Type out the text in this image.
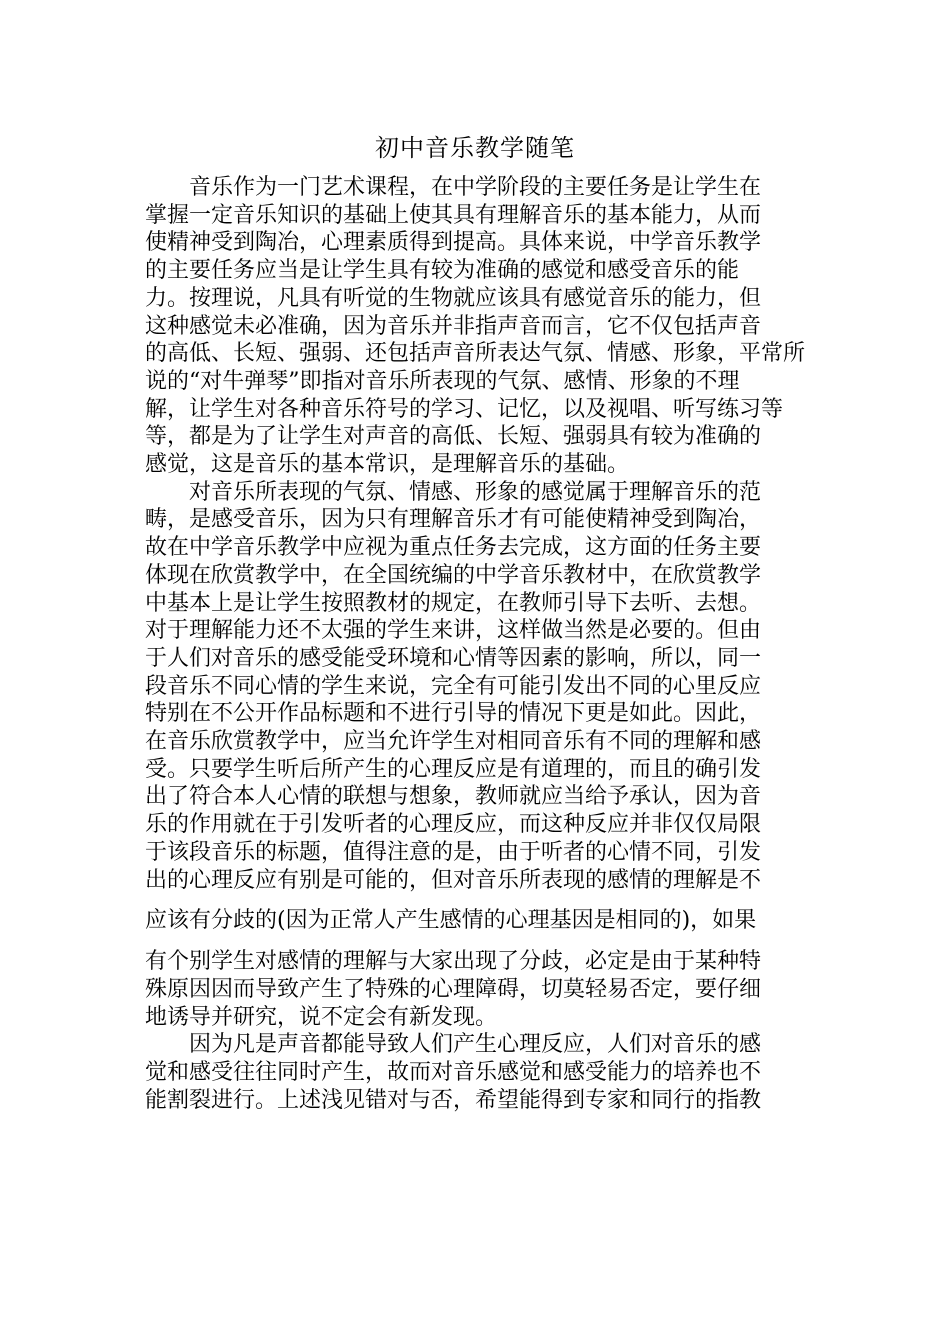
初中音乐教学随笔
　　音乐作为一门艺术课程，在中学阶段的主要任务是让学生在
掌握一定音乐知识的基础上使其具有理解音乐的基本能力，从而
使精神受到陶冶，心理素质得到提高。具体来说，中学音乐教学
的主要任务应当是让学生具有较为准确的感觉和感受音乐的能
力。按理说，凡具有听觉的生物就应该具有感觉音乐的能力，但
这种感觉未必准确，因为音乐并非指声音而言，它不仅包括声音
的高低、长短、强弱、还包括声音所表达气氛、情感、形象，平常所
说的“对牛弹琴”即指对音乐所表现的气氛、感情、形象的不理
解，让学生对各种音乐符号的学习、记忆，以及视唱、听写练习等
等，都是为了让学生对声音的高低、长短、强弱具有较为准确的
感觉，这是音乐的基本常识，是理解音乐的基础。
　　对音乐所表现的气氛、情感、形象的感觉属于理解音乐的范
畴，是感受音乐，因为只有理解音乐才有可能使精神受到陶冶，
故在中学音乐教学中应视为重点任务去完成，这方面的任务主要
体现在欣赏教学中，在全国统编的中学音乐教材中，在欣赏教学
中基本上是让学生按照教材的规定，在教师引导下去听、去想。
对于理解能力还不太强的学生来讲，这样做当然是必要的。但由
于人们对音乐的感受能受环境和心情等因素的影响，所以，同一
段音乐不同心情的学生来说，完全有可能引发出不同的心里反应
特别在不公开作品标题和不进行引导的情况下更是如此。因此，
在音乐欣赏教学中，应当允许学生对相同音乐有不同的理解和感
受。只要学生听后所产生的心理反应是有道理的，而且的确引发
出了符合本人心情的联想与想象，教师就应当给予承认，因为音
乐的作用就在于引发听者的心理反应，而这种反应并非仅仅局限
于该段音乐的标题，值得注意的是，由于听者的心情不同，引发
出的心理反应有别是可能的，但对音乐所表现的感情的理解是不
应该有分歧的(因为正常人产生感情的心理基因是相同的)，如果
有个别学生对感情的理解与大家出现了分歧，必定是由于某种特
殊原因因而导致产生了特殊的心理障碍，切莫轻易否定，要仔细
地诱导并研究，说不定会有新发现。
　　因为凡是声音都能导致人们产生心理反应，人们对音乐的感
觉和感受往往同时产生，故而对音乐感觉和感受能力的培养也不
能割裂进行。上述浅见错对与否，希望能得到专家和同行的指教
